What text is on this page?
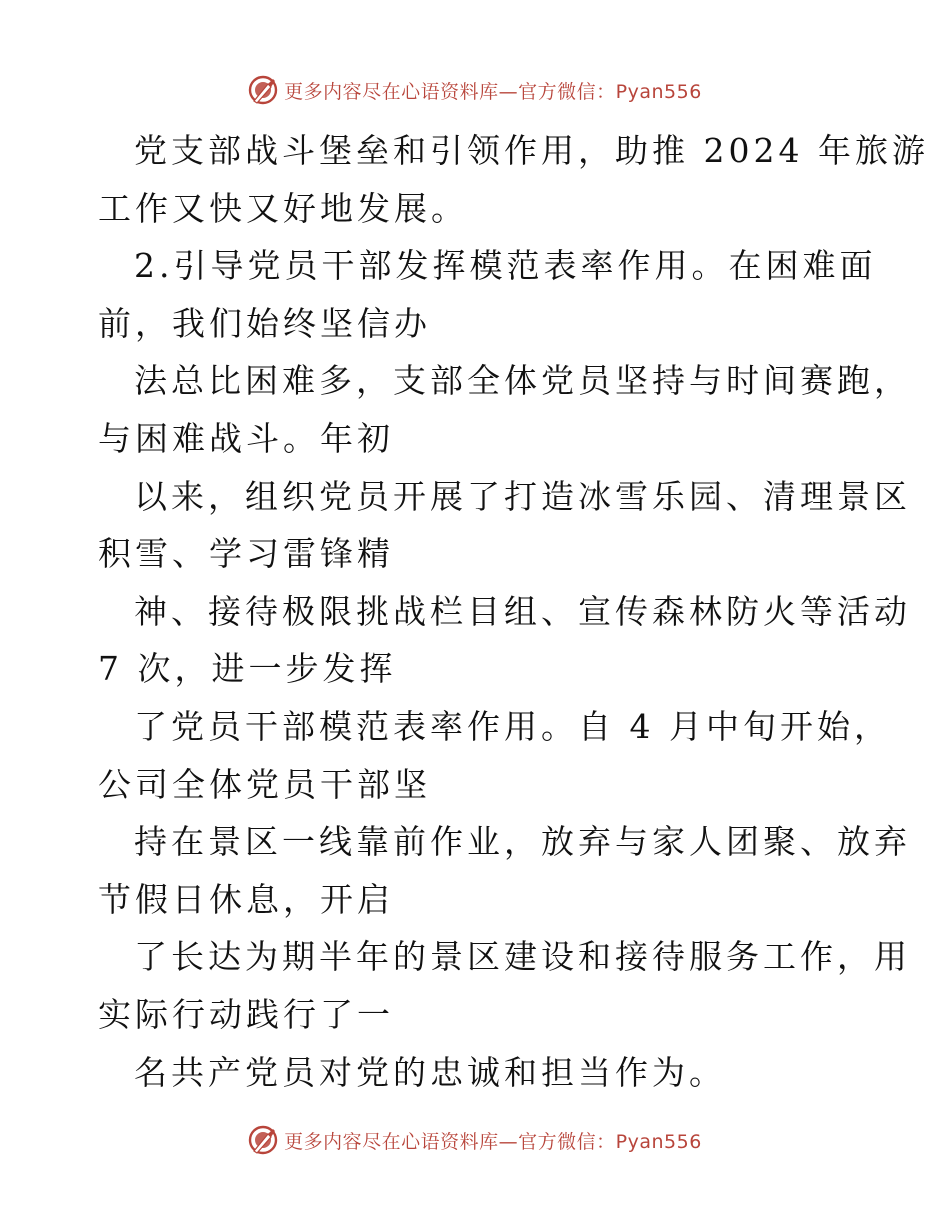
更多内容尽在心语资料库—官方微信：Pyan556
党支部战斗堡垒和引领作用，助推 2024 年旅游
工作又快又好地发展。
2.引导党员干部发挥模范表率作用。在困难面
前，我们始终坚信办
法总比困难多，支部全体党员坚持与时间赛跑，
与困难战斗。年初
以来，组织党员开展了打造冰雪乐园、清理景区
积雪、学习雷锋精
神、接待极限挑战栏目组、宣传森林防火等活动
7 次，进一步发挥
了党员干部模范表率作用。自 4 月中旬开始，
公司全体党员干部坚
持在景区一线靠前作业，放弃与家人团聚、放弃
节假日休息，开启
了长达为期半年的景区建设和接待服务工作，用
实际行动践行了一
名共产党员对党的忠诚和担当作为。
更多内容尽在心语资料库—官方微信：Pyan556
